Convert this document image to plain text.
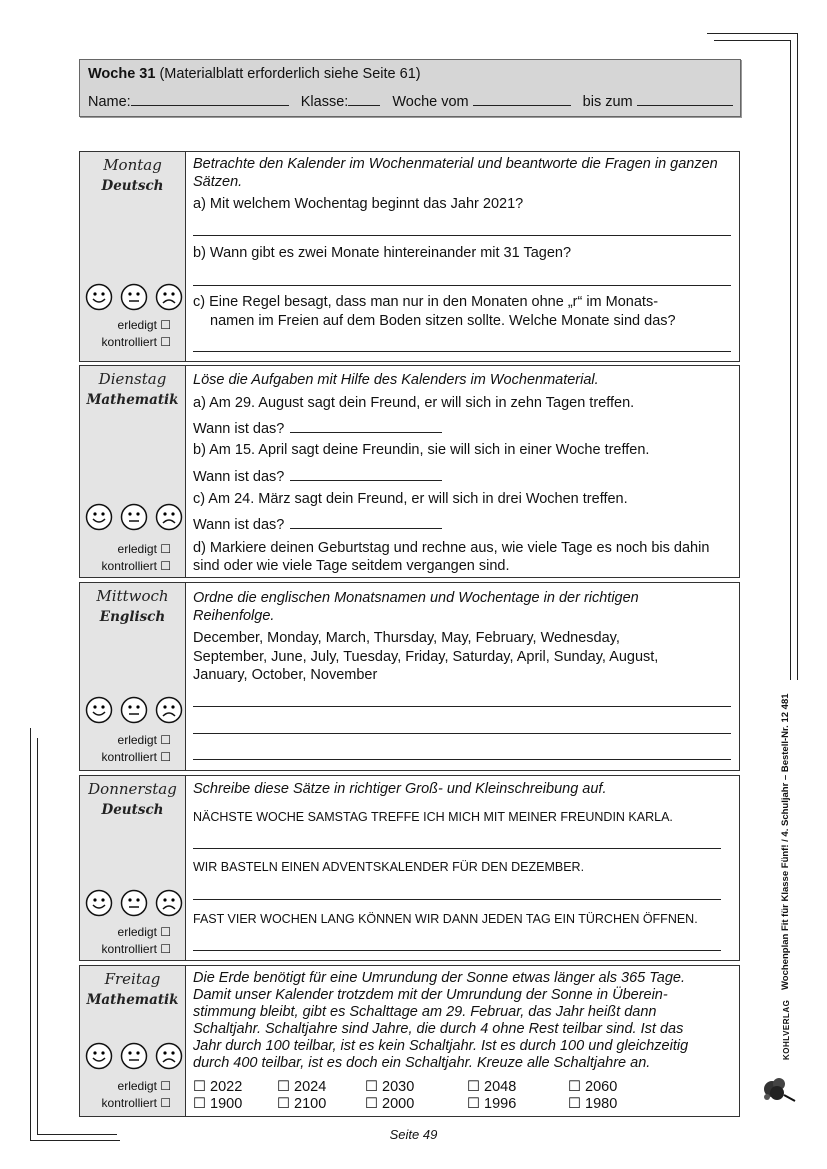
Woche 31 (Materialblatt erforderlich siehe Seite 61)
Name:	Klasse:	Woche vom	bis zum
Montag
Deutsch
erledigt ☐
kontrolliert ☐
Betrachte den Kalender im Wochenmaterial und beantworte die Fragen in ganzen Sätzen.
a) Mit welchem Wochentag beginnt das Jahr 2021?
b) Wann gibt es zwei Monate hintereinander mit 31 Tagen?
c) Eine Regel besagt, dass man nur in den Monaten ohne „r“ im Monats-
namen im Freien auf dem Boden sitzen sollte. Welche Monate sind das?
Dienstag
Mathematik
erledigt ☐
kontrolliert ☐
Löse die Aufgaben mit Hilfe des Kalenders im Wochenmaterial.
a) Am 29. August sagt dein Freund, er will sich in zehn Tagen treffen.
Wann ist das?
b) Am 15. April sagt deine Freundin, sie will sich in einer Woche treffen.
Wann ist das?
c) Am 24. März sagt dein Freund, er will sich in drei Wochen treffen.
Wann ist das?
d) Markiere deinen Geburtstag und rechne aus, wie viele Tage es noch bis dahin
sind oder wie viele Tage seitdem vergangen sind.
Mittwoch
Englisch
erledigt ☐
kontrolliert ☐
Ordne die englischen Monatsnamen und Wochentage in der richtigen
Reihenfolge.
December, Monday, March, Thursday, May, February, Wednesday,
September, June, July, Tuesday, Friday, Saturday, April, Sunday, August,
January, October, November
Donnerstag
Deutsch
erledigt ☐
kontrolliert ☐
Schreibe diese Sätze in richtiger Groß- und Kleinschreibung auf.
NÄCHSTE WOCHE SAMSTAG TREFFE ICH MICH MIT MEINER FREUNDIN KARLA.
WIR BASTELN EINEN ADVENTSKALENDER FÜR DEN DEZEMBER.
FAST VIER WOCHEN LANG KÖNNEN WIR DANN JEDEN TAG EIN TÜRCHEN ÖFFNEN.
Freitag
Mathematik
erledigt ☐
kontrolliert ☐
Die Erde benötigt für eine Umrundung der Sonne etwas länger als 365 Tage.
Damit unser Kalender trotzdem mit der Umrundung der Sonne in Überein-
stimmung bleibt, gibt es Schalttage am 29. Februar, das Jahr heißt dann
Schaltjahr. Schaltjahre sind Jahre, die durch 4 ohne Rest teilbar sind. Ist das
Jahr durch 100 teilbar, ist es kein Schaltjahr. Ist es durch 100 und gleichzeitig
durch 400 teilbar, ist es doch ein Schaltjahr. Kreuze alle Schaltjahre an.
☐ 2022 ☐ 2024	☐ 2030	☐ 2048	☐ 2060
☐ 1900 ☐ 2100	☐ 2000	☐ 1996	☐ 1980
Wochenplan Fit für Klasse Fünf! / 4. Schuljahr – Bestell-Nr. 12 481
KOHLVERLAG
Seite 49
